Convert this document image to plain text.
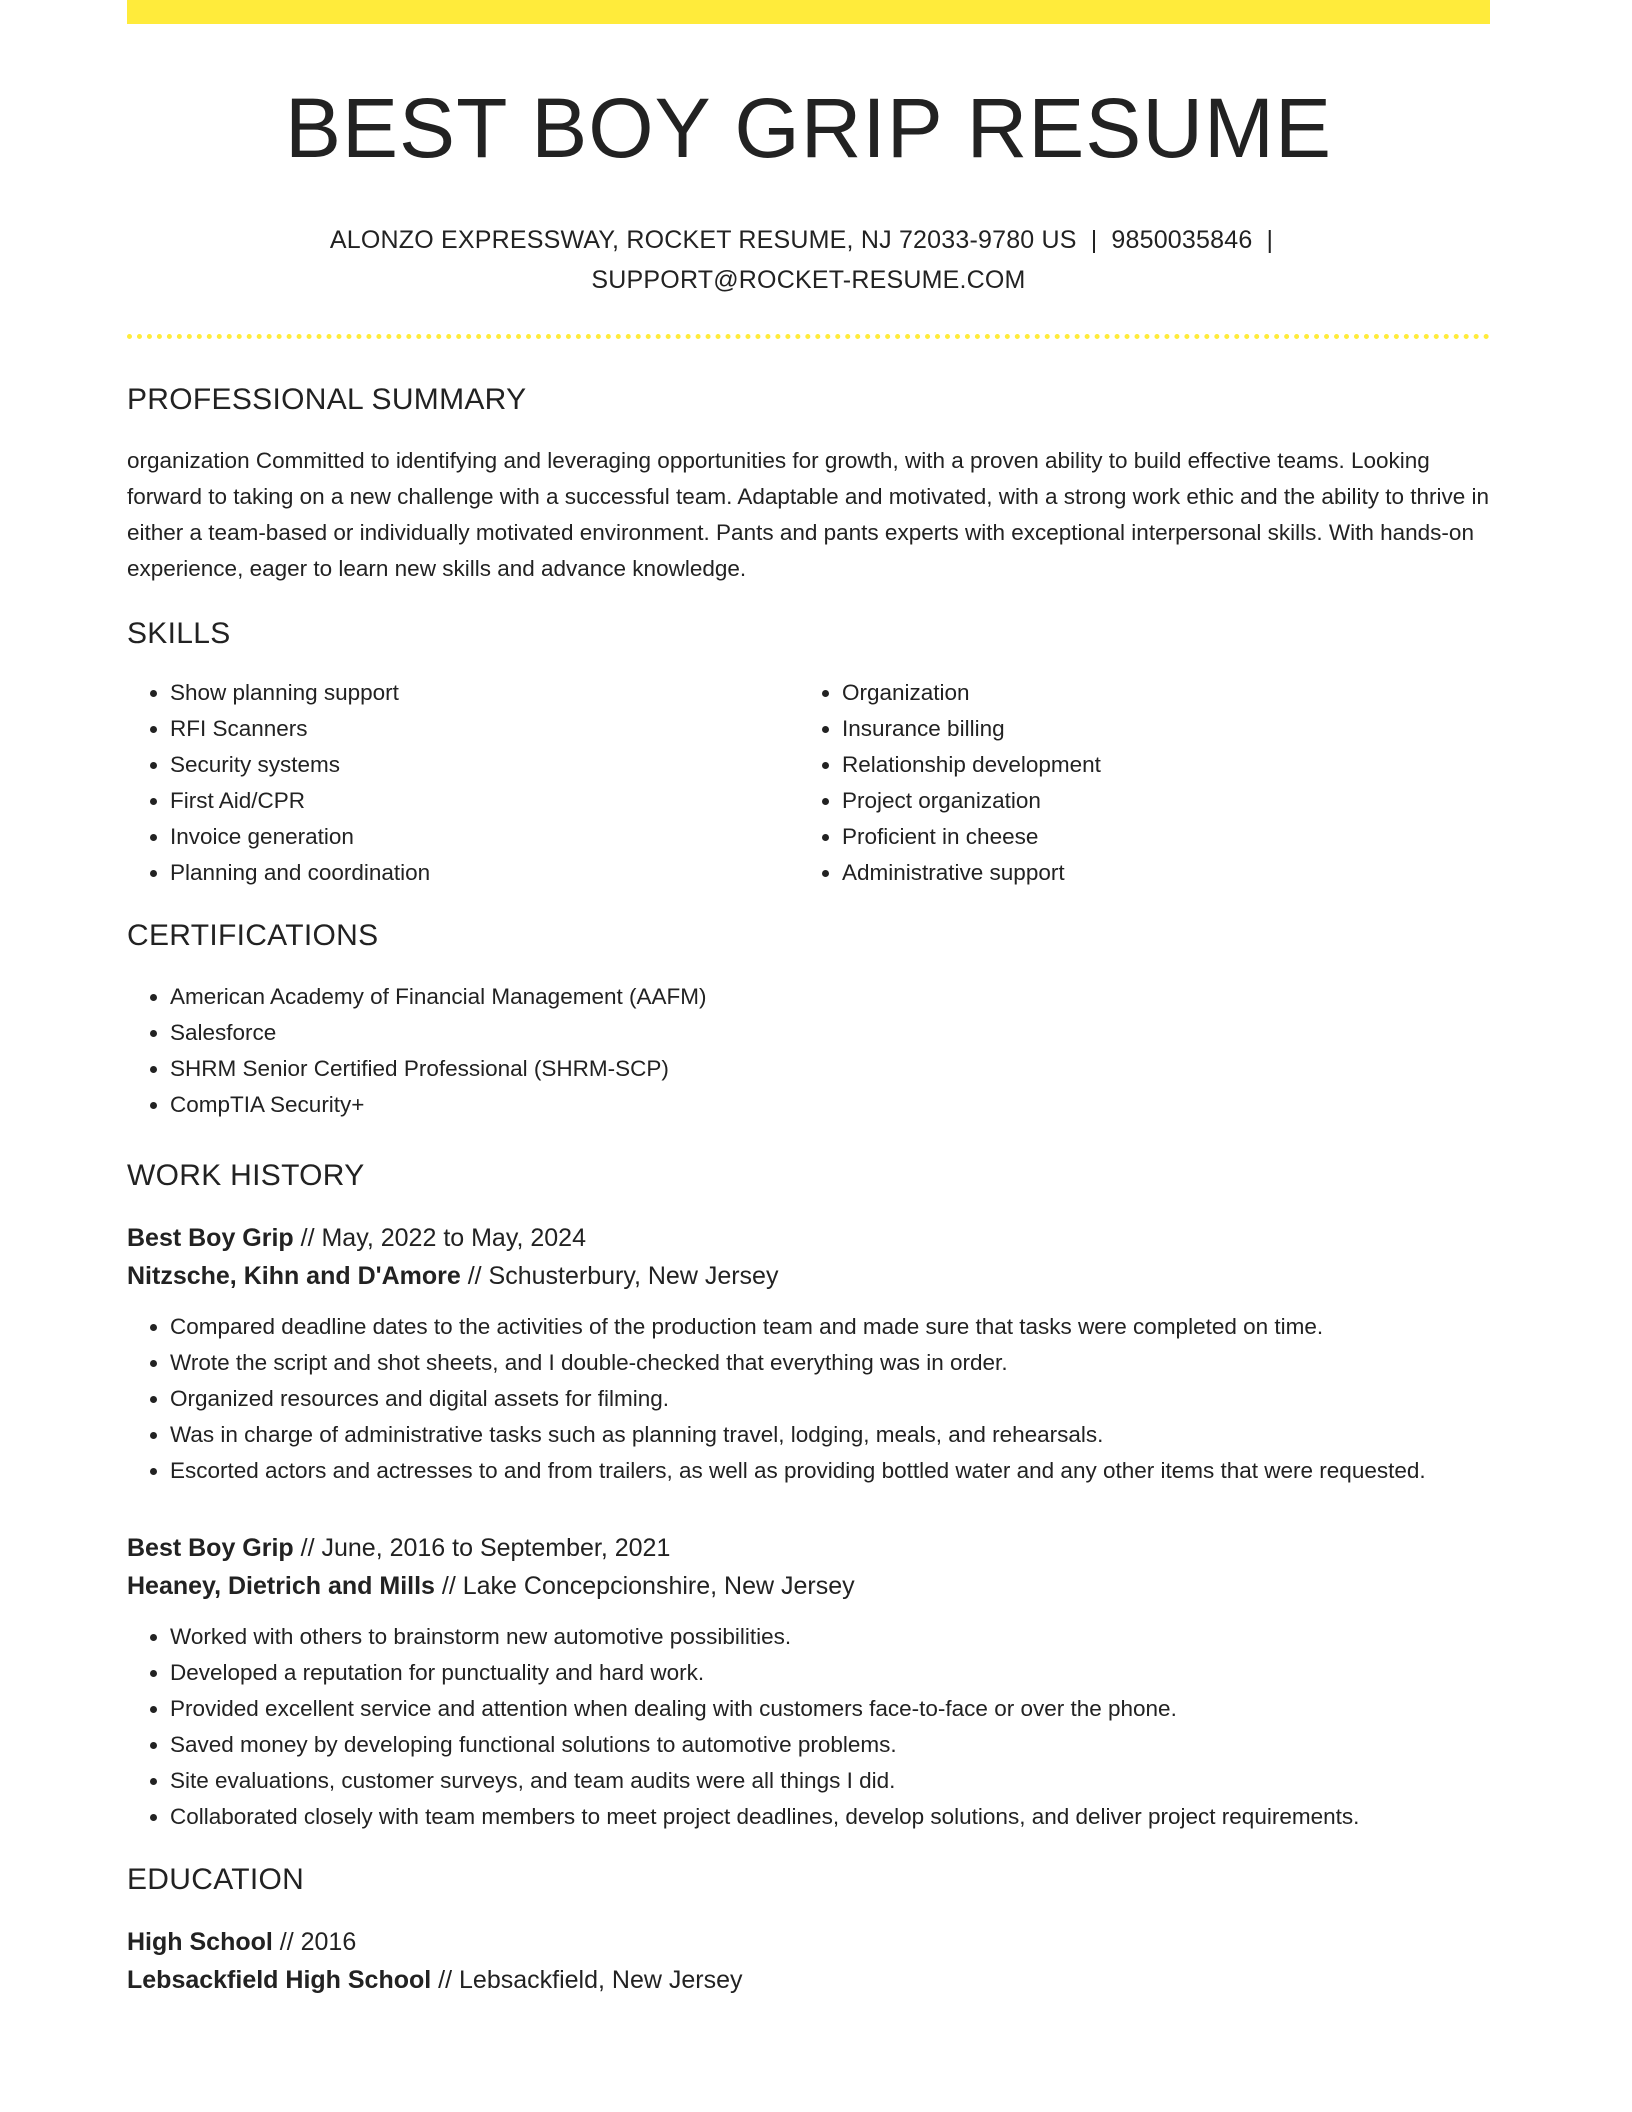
BEST BOY GRIP RESUME
ALONZO EXPRESSWAY, ROCKET RESUME, NJ 72033-9780 US | 9850035846 |
SUPPORT@ROCKET-RESUME.COM
PROFESSIONAL SUMMARY

organization Committed to identifying and leveraging opportunities for growth, with a proven ability to build effective teams. Looking forward to taking on a new challenge with a successful team. Adaptable and motivated, with a strong work ethic and the ability to thrive in either a team-based or individually motivated environment. Pants and pants experts with exceptional interpersonal skills. With hands-on experience, eager to learn new skills and advance knowledge.

SKILLS
• Show planning support
• RFI Scanners
• Security systems
• First Aid/CPR
• Invoice generation
• Planning and coordination
• Organization
• Insurance billing
• Relationship development
• Project organization
• Proficient in cheese
• Administrative support
CERTIFICATIONS
• American Academy of Financial Management (AAFM)
• Salesforce
• SHRM Senior Certified Professional (SHRM-SCP)
• CompTIA Security+
WORK HISTORY
Best Boy Grip // May, 2022 to May, 2024
Nitzsche, Kihn and D'Amore // Schusterbury, New Jersey
• Compared deadline dates to the activities of the production team and made sure that tasks were completed on time.
• Wrote the script and shot sheets, and I double-checked that everything was in order.
• Organized resources and digital assets for filming.
• Was in charge of administrative tasks such as planning travel, lodging, meals, and rehearsals.
• Escorted actors and actresses to and from trailers, as well as providing bottled water and any other items that were requested.
Best Boy Grip // June, 2016 to September, 2021
Heaney, Dietrich and Mills // Lake Concepcionshire, New Jersey
• Worked with others to brainstorm new automotive possibilities.
• Developed a reputation for punctuality and hard work.
• Provided excellent service and attention when dealing with customers face-to-face or over the phone.
• Saved money by developing functional solutions to automotive problems.
• Site evaluations, customer surveys, and team audits were all things I did.
• Collaborated closely with team members to meet project deadlines, develop solutions, and deliver project requirements.
EDUCATION
High School // 2016
Lebsackfield High School // Lebsackfield, New Jersey
